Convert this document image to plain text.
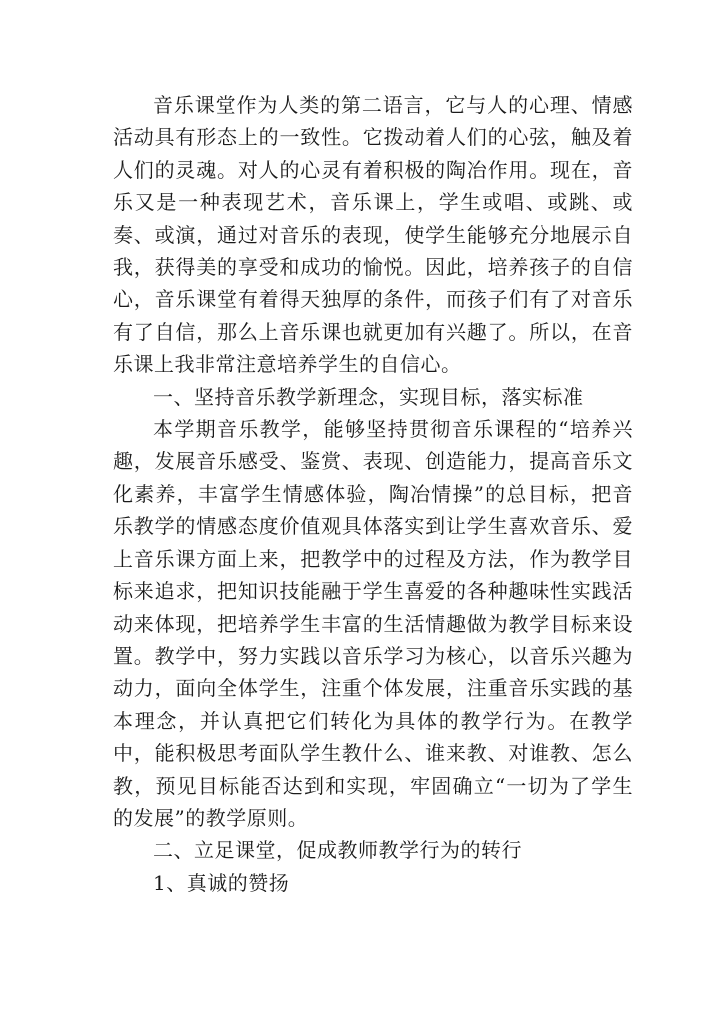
音乐课堂作为人类的第二语言，它与人的心理、情感活动具有形态上的一致性。它拨动着人们的心弦，触及着人们的灵魂。对人的心灵有着积极的陶冶作用。现在，音乐又是一种表现艺术，音乐课上，学生或唱、或跳、或奏、或演，通过对音乐的表现，使学生能够充分地展示自我，获得美的享受和成功的愉悦。因此，培养孩子的自信心，音乐课堂有着得天独厚的条件，而孩子们有了对音乐有了自信，那么上音乐课也就更加有兴趣了。所以，在音乐课上我非常注意培养学生的自信心。

一、坚持音乐教学新理念，实现目标，落实标准

本学期音乐教学，能够坚持贯彻音乐课程的“培养兴趣，发展音乐感受、鉴赏、表现、创造能力，提高音乐文化素养，丰富学生情感体验，陶冶情操”的总目标，把音乐教学的情感态度价值观具体落实到让学生喜欢音乐、爱上音乐课方面上来，把教学中的过程及方法，作为教学目标来追求，把知识技能融于学生喜爱的各种趣味性实践活动来体现，把培养学生丰富的生活情趣做为教学目标来设置。教学中，努力实践以音乐学习为核心，以音乐兴趣为动力，面向全体学生，注重个体发展，注重音乐实践的基本理念，并认真把它们转化为具体的教学行为。在教学中，能积极思考面队学生教什么、谁来教、对谁教、怎么教，预见目标能否达到和实现，牢固确立“一切为了学生的发展”的教学原则。

二、立足课堂，促成教师教学行为的转行

1、真诚的赞扬
